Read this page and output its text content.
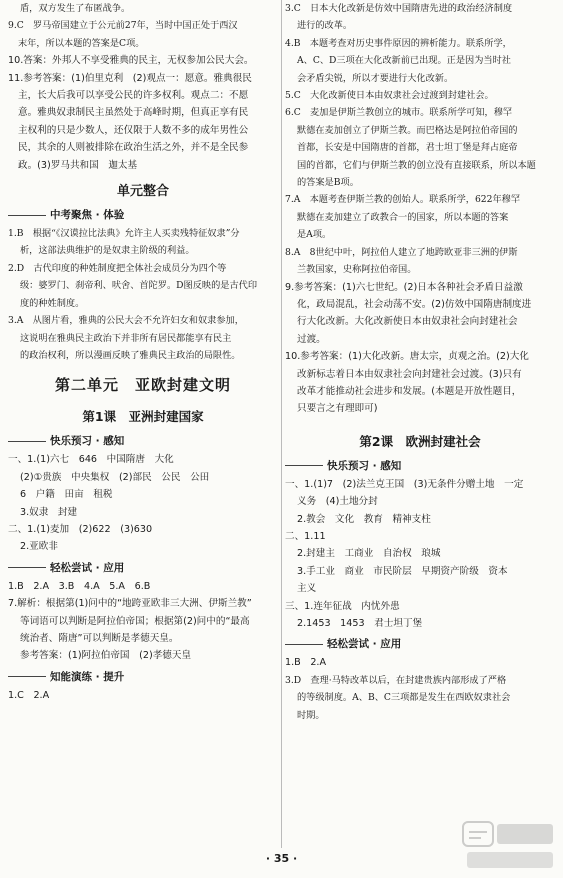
盾，双方发生了布匿战争。
9.C　罗马帝国建立于公元前27年，当时中国正处于西汉
末年，所以本题的答案是C项。
10.答案：外邦人不享受雅典的民主，无权参加公民大会。
11.参考答案：(1)伯里克利　(2)观点一：愿意。雅典很民
主，长大后我可以享受公民的许多权利。观点二：不愿
意。雅典奴隶制民主虽然处于高峰时期，但真正享有民
主权利的只是少数人，还仅限于人数不多的成年男性公
民，其余的人则被排除在政治生活之外，并不是全民参
政。(3)罗马共和国　迦太基
单元整合
中考聚焦 · 体验
1.B　根据“《汉谟拉比法典》允许主人买卖残特征奴隶”分
析，这部法典维护的是奴隶主阶级的利益。
2.D　古代印度的种姓制度把全体社会成员分为四个等
级：婆罗门、刹帝利、吠舍、首陀罗。D图反映的是古代印
度的种姓制度。
3.A　从图片看，雅典的公民大会不允许妇女和奴隶参加，
这说明在雅典民主政治下并非所有居民都能享有民主
的政治权利，所以漫画反映了雅典民主政治的局限性。
第二单元　亚欧封建文明
第1课　亚洲封建国家
快乐预习 · 感知
一、1.(1)六七　646　中国隋唐　大化
(2)①贵族　中央集权　(2)部民　公民　公田
6　户籍　田亩　租税
3.奴隶　封建
二、1.(1)麦加　(2)622　(3)630
2.亚欧非
轻松尝试 · 应用
1.B　2.A　3.B　4.A　5.A　6.B
7.解析：根据第(1)问中的“地跨亚欧非三大洲、伊斯兰教”
等词语可以判断是阿拉伯帝国；根据第(2)问中的“最高
统治者、隋唐”可以判断是孝德天皇。
参考答案：(1)阿拉伯帝国　(2)孝德天皇
知能演练 · 提升
1.C　2.A
3.C　日本大化改新是仿效中国隋唐先进的政治经济制度
进行的改革。
4.B　本题考查对历史事件原因的辨析能力。联系所学，
A、C、D三项在大化改新前已出现。正是因为当时社
会矛盾尖锐，所以才要进行大化改新。
5.C　大化改新使日本由奴隶社会过渡到封建社会。
6.C　麦加是伊斯兰教创立的城市。联系所学可知，穆罕
默德在麦加创立了伊斯兰教。而巴格达是阿拉伯帝国的
首都，长安是中国隋唐的首都，君士坦丁堡是拜占庭帝
国的首都，它们与伊斯兰教的创立没有直接联系，所以本题
的答案是B项。
7.A　本题考查伊斯兰教的创始人。联系所学，622年穆罕
默德在麦加建立了政教合一的国家，所以本题的答案
是A项。
8.A　8世纪中叶，阿拉伯人建立了地跨欧亚非三洲的伊斯
兰教国家，史称阿拉伯帝国。
9.参考答案：(1)六七世纪。(2)日本各种社会矛盾日益激
化，政局混乱，社会动荡不安。(2)仿效中国隋唐制度进
行大化改新。大化改新使日本由奴隶社会向封建社会
过渡。
10.参考答案：(1)大化改新。唐太宗，贞观之治。(2)大化
改新标志着日本由奴隶社会向封建社会过渡。(3)只有
改革才能推动社会进步和发展。(本题是开放性题目，
只要言之有理即可)
第2课　欧洲封建社会
快乐预习 · 感知
一、1.(1)7　(2)法兰克王国　(3)无条件分赠土地　一定
义务　(4)土地分封
2.教会　文化　教育　精神支柱
二、1.11
2.封建主　工商业　自治权　琅城
3.手工业　商业　市民阶层　早期资产阶级　资本
主义
三、1.连年征战　内忧外患
2.1453　1453　君士坦丁堡
轻松尝试 · 应用
1.B　2.A
3.D　查理·马特改革以后，在封建贵族内部形成了严格
的等级制度。A、B、C三项都是发生在西欧奴隶社会
时期。
· 35 ·
